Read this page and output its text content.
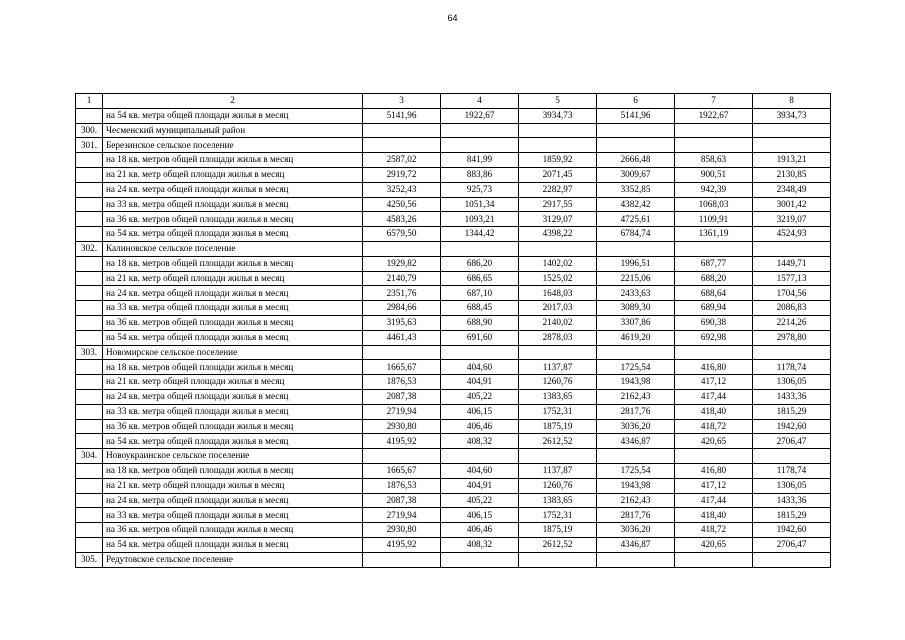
64
1	2	3	4	5	6	7	8
	на 54 кв. метра общей площади жилья в месяц	5141,96	1922,67	3934,73	5141,96	1922,67	3934,73
300.	Чесменский муниципальный район						
301.	Березинское сельское поселение						
	на 18 кв. метров общей площади жилья в месяц	2587,02	841,99	1859,92	2666,48	858,63	1913,21
	на 21 кв. метр общей площади жилья в месяц	2919,72	883,86	2071,45	3009,67	900,51	2130,85
	на 24 кв. метра общей площади жилья в месяц	3252,43	925,73	2282,97	3352,85	942,39	2348,49
	на 33 кв. метра общей площади жилья в месяц	4250,56	1051,34	2917,55	4382,42	1068,03	3001,42
	на 36 кв. метров общей площади жилья в месяц	4583,26	1093,21	3129,07	4725,61	1109,91	3219,07
	на 54 кв. метра общей площади жилья в месяц	6579,50	1344,42	4398,22	6784,74	1361,19	4524,93
302.	Калиновское сельское поселение						
	на 18 кв. метров общей площади жилья в месяц	1929,82	686,20	1402,02	1996,51	687,77	1449,71
	на 21 кв. метр общей площади жилья в месяц	2140,79	686,65	1525,02	2215,06	688,20	1577,13
	на 24 кв. метра общей площади жилья в месяц	2351,76	687,10	1648,03	2433,63	688,64	1704,56
	на 33 кв. метра общей площади жилья в месяц	2984,66	688,45	2017,03	3089,30	689,94	2086,83
	на 36 кв. метров общей площади жилья в месяц	3195,63	688,90	2140,02	3307,86	690,38	2214,26
	на 54 кв. метра общей площади жилья в месяц	4461,43	691,60	2878,03	4619,20	692,98	2978,80
303.	Новомирское сельское поселение						
	на 18 кв. метров общей площади жилья в месяц	1665,67	404,60	1137,87	1725,54	416,80	1178,74
	на 21 кв. метр общей площади жилья в месяц	1876,53	404,91	1260,76	1943,98	417,12	1306,05
	на 24 кв. метра общей площади жилья в месяц	2087,38	405,22	1383,65	2162,43	417,44	1433,36
	на 33 кв. метра общей площади жилья в месяц	2719,94	406,15	1752,31	2817,76	418,40	1815,29
	на 36 кв. метров общей площади жилья в месяц	2930,80	406,46	1875,19	3036,20	418,72	1942,60
	на 54 кв. метра общей площади жилья в месяц	4195,92	408,32	2612,52	4346,87	420,65	2706,47
304.	Новоукраинское сельское поселение						
	на 18 кв. метров общей площади жилья в месяц	1665,67	404,60	1137,87	1725,54	416,80	1178,74
	на 21 кв. метр общей площади жилья в месяц	1876,53	404,91	1260,76	1943,98	417,12	1306,05
	на 24 кв. метра общей площади жилья в месяц	2087,38	405,22	1383,65	2162,43	417,44	1433,36
	на 33 кв. метра общей площади жилья в месяц	2719,94	406,15	1752,31	2817,76	418,40	1815,29
	на 36 кв. метров общей площади жилья в месяц	2930,80	406,46	1875,19	3036,20	418,72	1942,60
	на 54 кв. метра общей площади жилья в месяц	4195,92	408,32	2612,52	4346,87	420,65	2706,47
305.	Редутовское сельское поселение						
